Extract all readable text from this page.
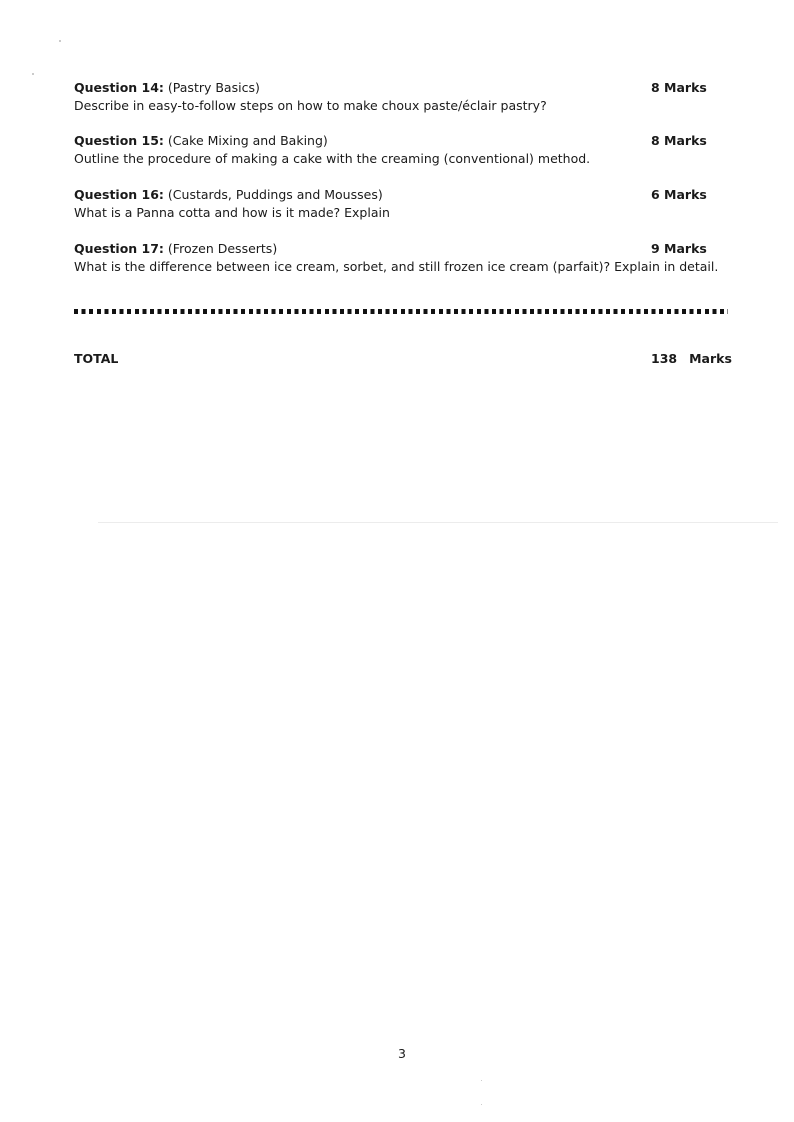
Question 14: (Pastry Basics)	8 Marks
Describe in easy-to-follow steps on how to make choux paste/éclair pastry?
Question 15: (Cake Mixing and Baking)	8 Marks
Outline the procedure of making a cake with the creaming (conventional) method.
Question 16: (Custards, Puddings and Mousses)	6 Marks
What is a Panna cotta and how is it made? Explain
Question 17: (Frozen Desserts)	9 Marks
What is the difference between ice cream, sorbet, and still frozen ice cream (parfait)? Explain in detail.
TOTAL	138 Marks
3
